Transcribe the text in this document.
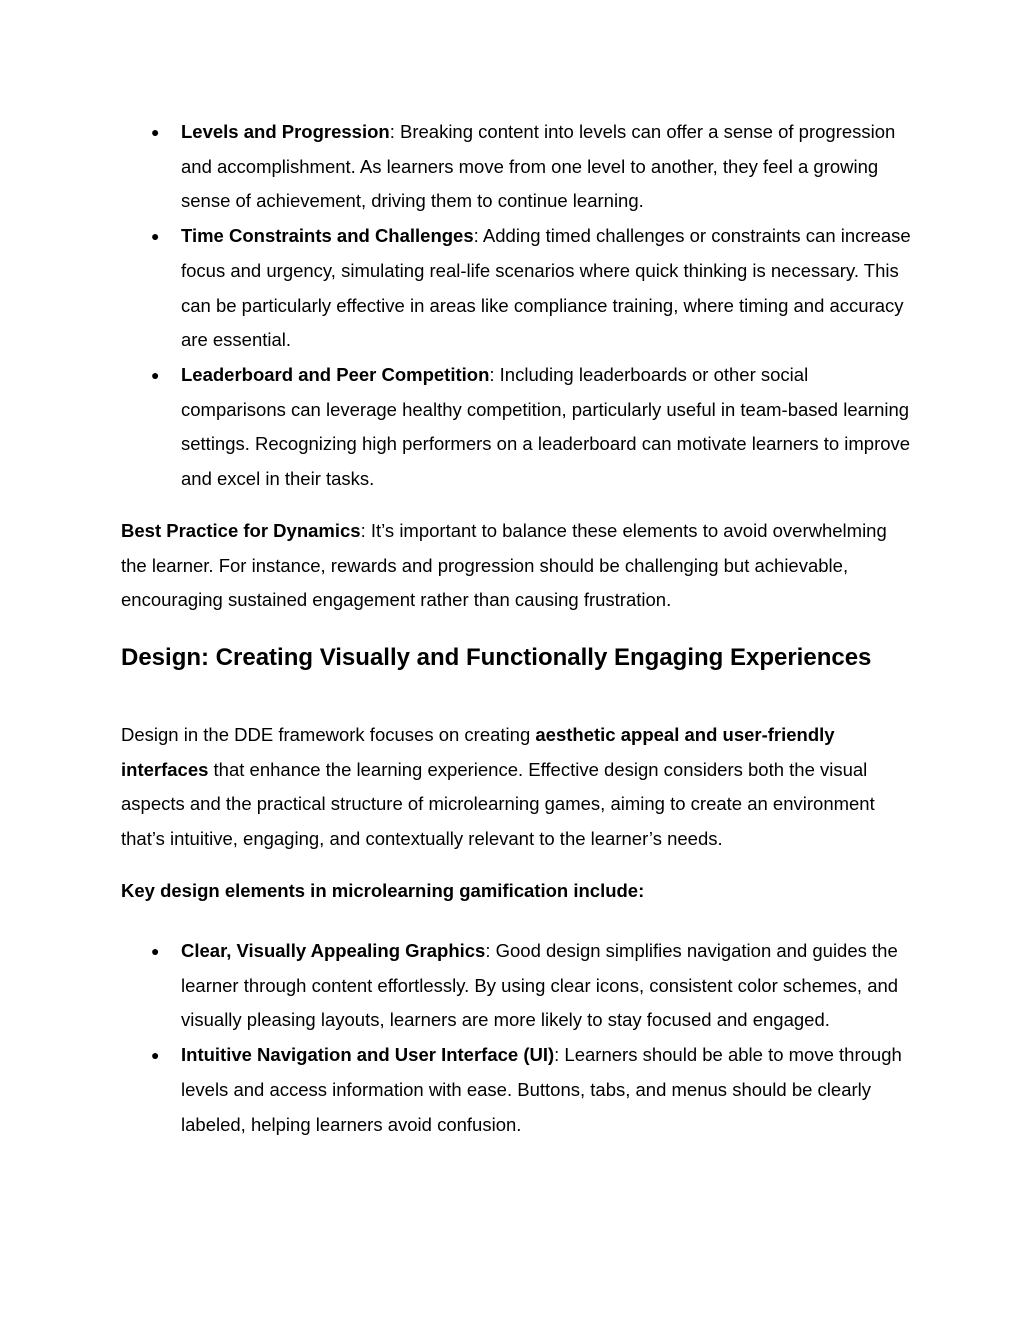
● Levels and Progression: Breaking content into levels can offer a sense of progression and accomplishment. As learners move from one level to another, they feel a growing sense of achievement, driving them to continue learning.
● Time Constraints and Challenges: Adding timed challenges or constraints can increase focus and urgency, simulating real-life scenarios where quick thinking is necessary. This can be particularly effective in areas like compliance training, where timing and accuracy are essential.
● Leaderboard and Peer Competition: Including leaderboards or other social comparisons can leverage healthy competition, particularly useful in team-based learning settings. Recognizing high performers on a leaderboard can motivate learners to improve and excel in their tasks.

Best Practice for Dynamics: It’s important to balance these elements to avoid overwhelming the learner. For instance, rewards and progression should be challenging but achievable, encouraging sustained engagement rather than causing frustration.

Design: Creating Visually and Functionally Engaging Experiences

Design in the DDE framework focuses on creating aesthetic appeal and user-friendly interfaces that enhance the learning experience. Effective design considers both the visual aspects and the practical structure of microlearning games, aiming to create an environment that’s intuitive, engaging, and contextually relevant to the learner’s needs.

Key design elements in microlearning gamification include:

● Clear, Visually Appealing Graphics: Good design simplifies navigation and guides the learner through content effortlessly. By using clear icons, consistent color schemes, and visually pleasing layouts, learners are more likely to stay focused and engaged.
● Intuitive Navigation and User Interface (UI): Learners should be able to move through levels and access information with ease. Buttons, tabs, and menus should be clearly labeled, helping learners avoid confusion.
